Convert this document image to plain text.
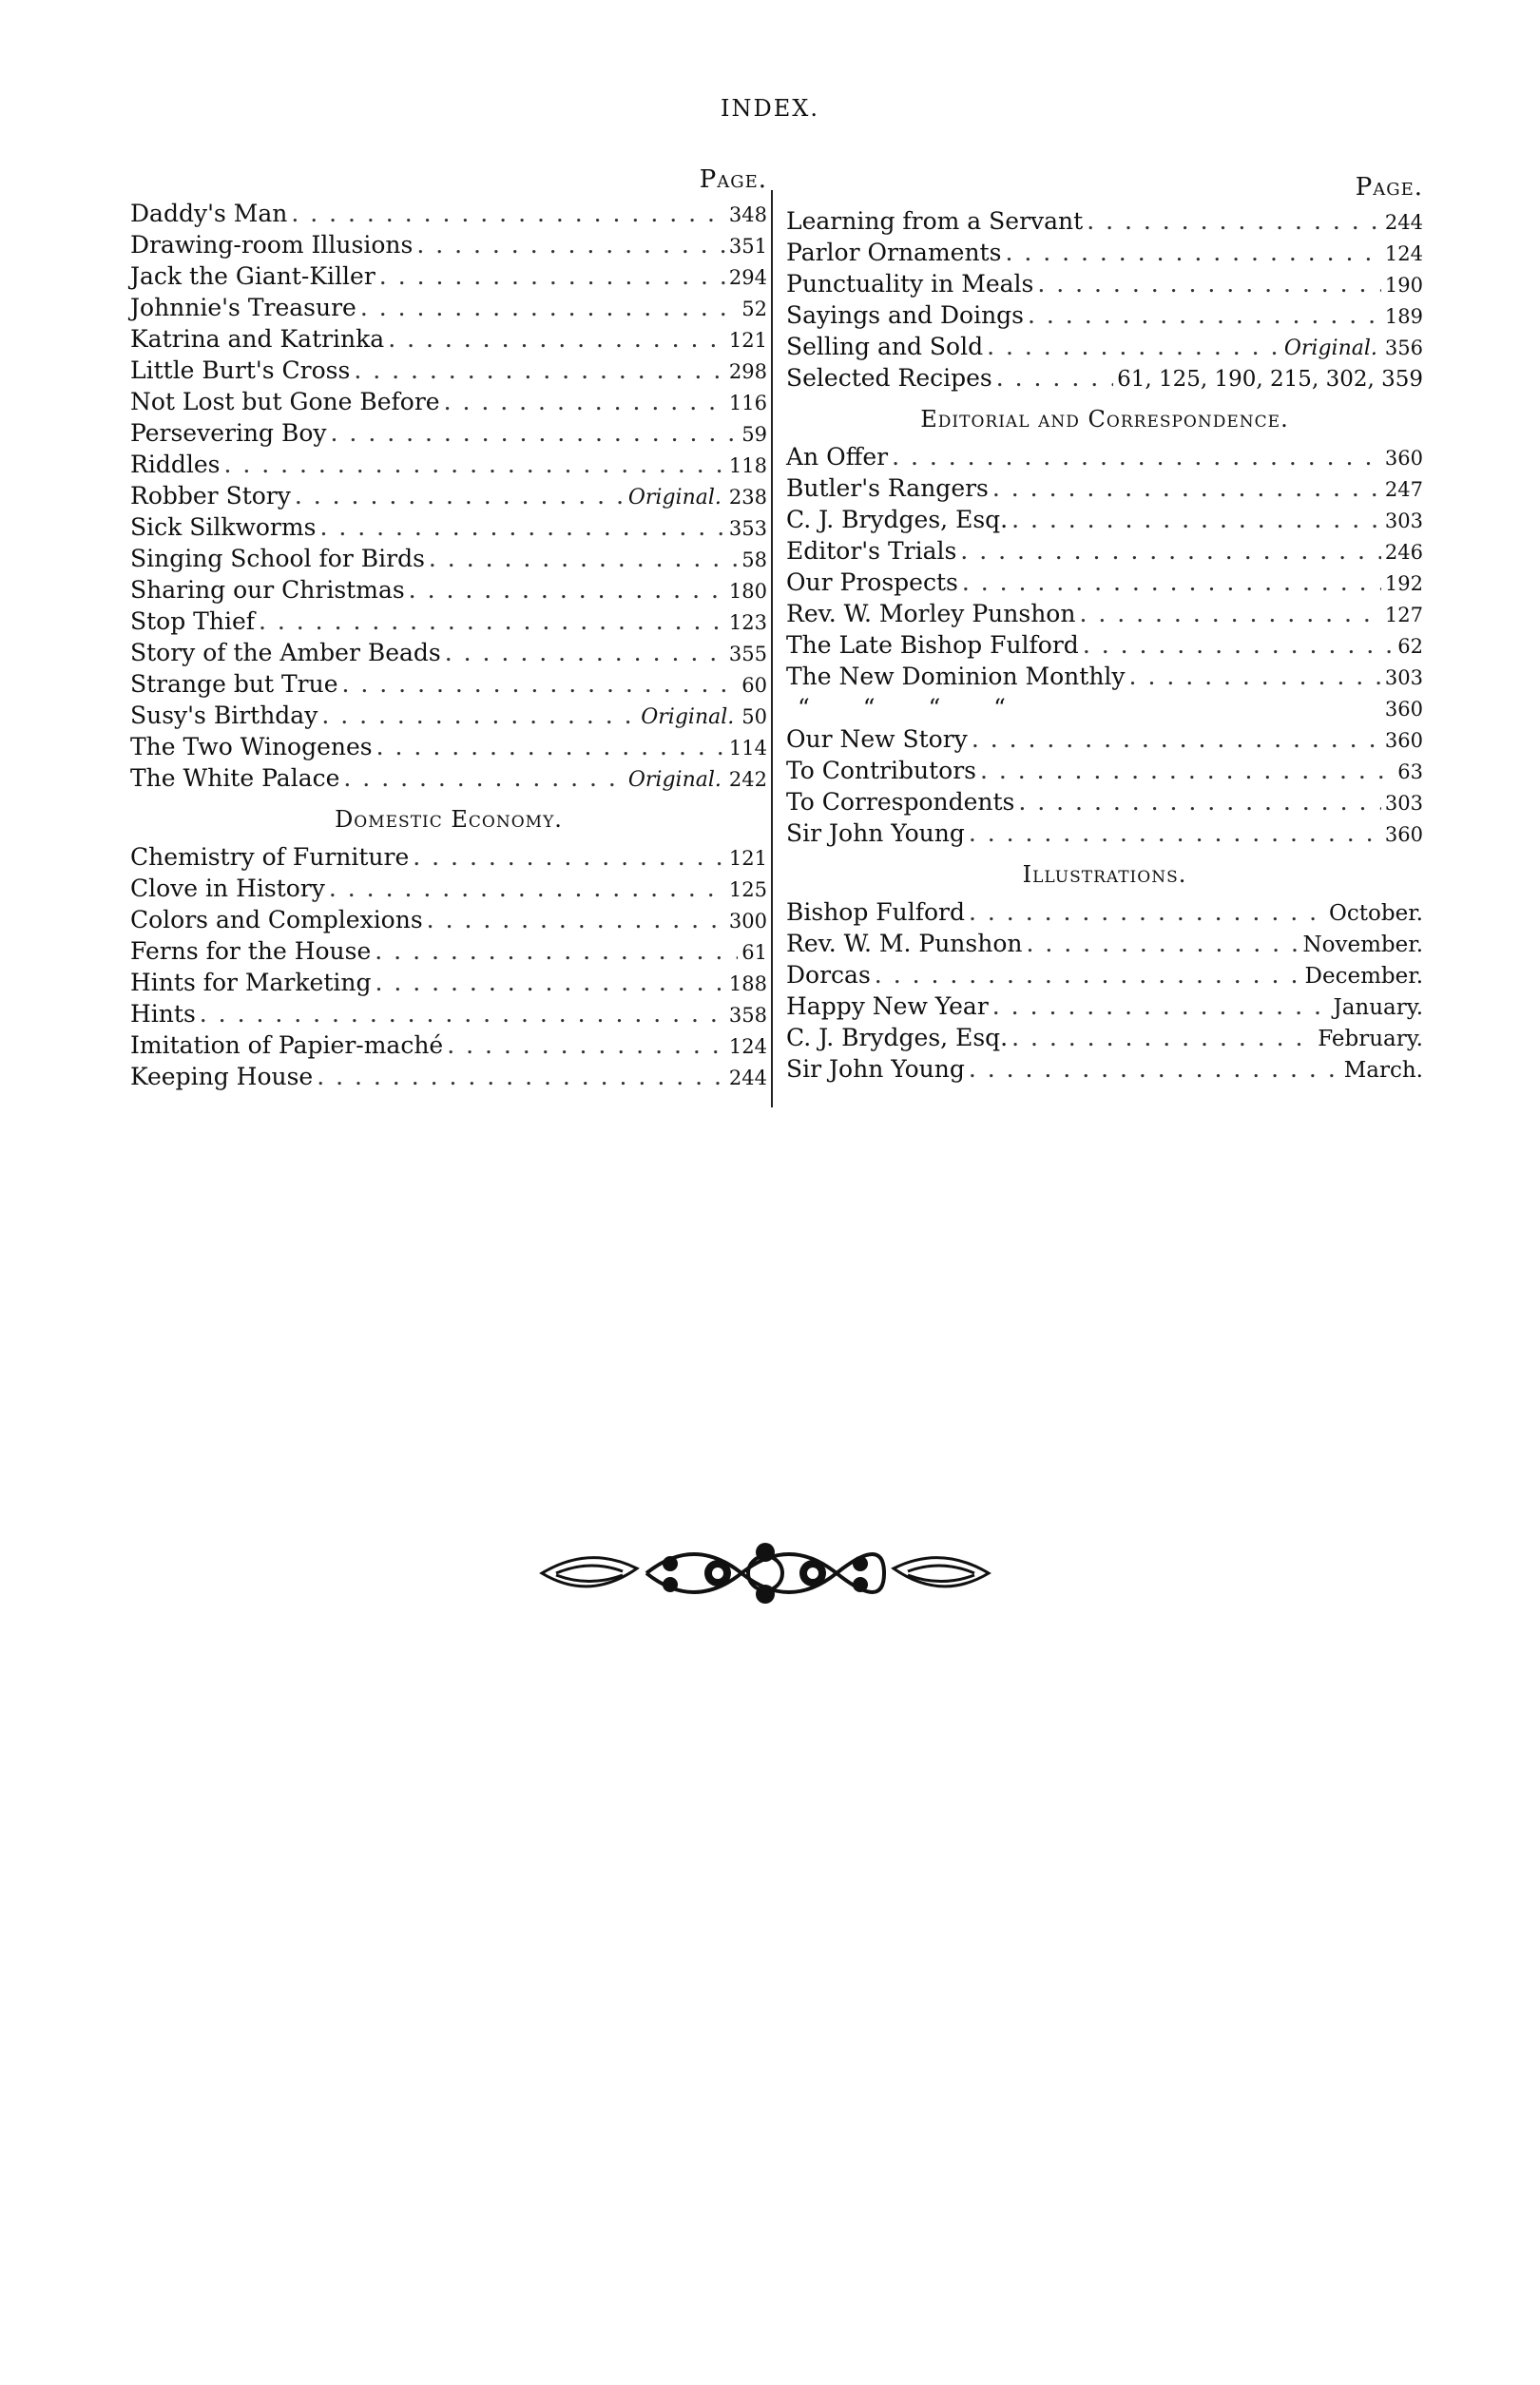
INDEX.
Page.
Daddy's Man . . .	348
Drawing-room Illusions . . .	351
Jack the Giant-Killer . . .	294
Johnnie's Treasure . . .	52
Katrina and Katrinka . . .	121
Little Burt's Cross . . .	298
Not Lost but Gone Before . . .	116
Persevering Boy . . .	59
Riddles . . .	118
Robber Story . . .	Original. 238
Sick Silkworms . . .	353
Singing School for Birds . . .	58
Sharing our Christmas . . .	180
Stop Thief . . .	123
Story of the Amber Beads . . .	355
Strange but True . . .	60
Susy's Birthday . . .	Original. 50
The Two Winogenes . . .	114
The White Palace . . .	Original. 242
Domestic Economy.
Chemistry of Furniture . . .	121
Clove in History . . .	125
Colors and Complexions . . .	300
Ferns for the House . . .	61
Hints for Marketing . . .	188
Hints . . .	358
Imitation of Papier-maché . . .	124
Keeping House . . .	244
Page.
Learning from a Servant . . .	244
Parlor Ornaments . . .	124
Punctuality in Meals . . .	190
Sayings and Doings . . .	189
Selling and Sold . . .	Original. 356
Selected Recipes . . .	61, 125, 190, 215, 302, 359
Editorial and Correspondence.
An Offer . . .	360
Butler's Rangers . . .	247
C. J. Brydges, Esq. . . .	303
Editor's Trials . . .	246
Our Prospects . . .	192
Rev. W. Morley Punshon . . .	127
The Late Bishop Fulford . . .	62
The New Dominion Monthly . . .	303
“ “ “ “	360
Our New Story . . .	360
To Contributors . . .	63
To Correspondents . . .	303
Sir John Young . . .	360
Illustrations.
Bishop Fulford . . .	October.
Rev. W. M. Punshon . . .	November.
Dorcas . . .	December.
Happy New Year . . .	January.
C. J. Brydges, Esq. . . .	February.
Sir John Young . . .	March.
